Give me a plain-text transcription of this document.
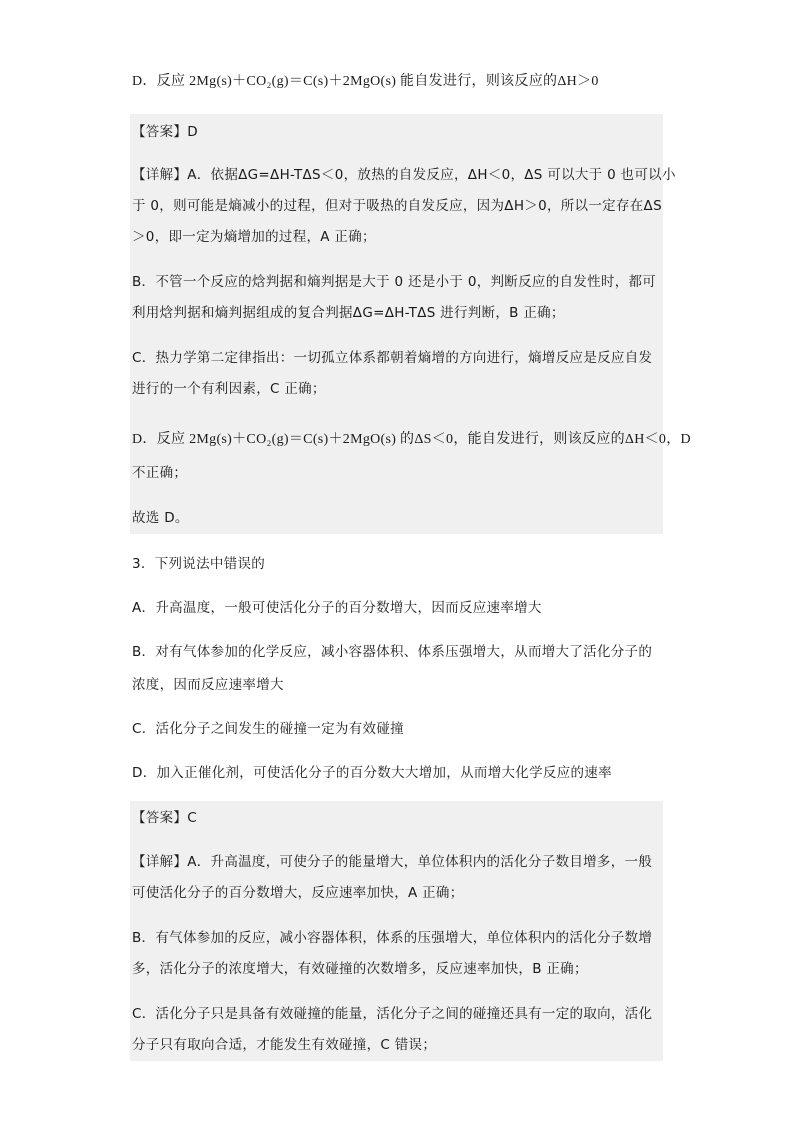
D．反应 2Mg(s)＋CO₂(g)＝C(s)＋2MgO(s) 能自发进行，则该反应的ΔH＞0
【答案】D
【详解】A．依据ΔG=ΔH-TΔS＜0，放热的自发反应，ΔH＜0，ΔS 可以大于 0 也可以小
于 0，则可能是熵减小的过程，但对于吸热的自发反应，因为ΔH＞0，所以一定存在ΔS
＞0，即一定为熵增加的过程，A 正确；
B．不管一个反应的焓判据和熵判据是大于 0 还是小于 0，判断反应的自发性时，都可
利用焓判据和熵判据组成的复合判据ΔG=ΔH-TΔS 进行判断，B 正确；
C．热力学第二定律指出：一切孤立体系都朝着熵增的方向进行，熵增反应是反应自发
进行的一个有利因素，C 正确；
D．反应 2Mg(s)＋CO₂(g)＝C(s)＋2MgO(s) 的ΔS＜0，能自发进行，则该反应的ΔH＜0，D
不正确；
故选 D。
3．下列说法中错误的
A．升高温度，一般可使活化分子的百分数增大，因而反应速率增大
B．对有气体参加的化学反应，减小容器体积、体系压强增大，从而增大了活化分子的
浓度，因而反应速率增大
C．活化分子之间发生的碰撞一定为有效碰撞
D．加入正催化剂，可使活化分子的百分数大大增加，从而增大化学反应的速率
【答案】C
【详解】A．升高温度，可使分子的能量增大，单位体积内的活化分子数目增多，一般
可使活化分子的百分数增大，反应速率加快，A 正确；
B．有气体参加的反应，减小容器体积，体系的压强增大，单位体积内的活化分子数增
多，活化分子的浓度增大，有效碰撞的次数增多，反应速率加快，B 正确；
C．活化分子只是具备有效碰撞的能量，活化分子之间的碰撞还具有一定的取向，活化
分子只有取向合适，才能发生有效碰撞，C 错误；
